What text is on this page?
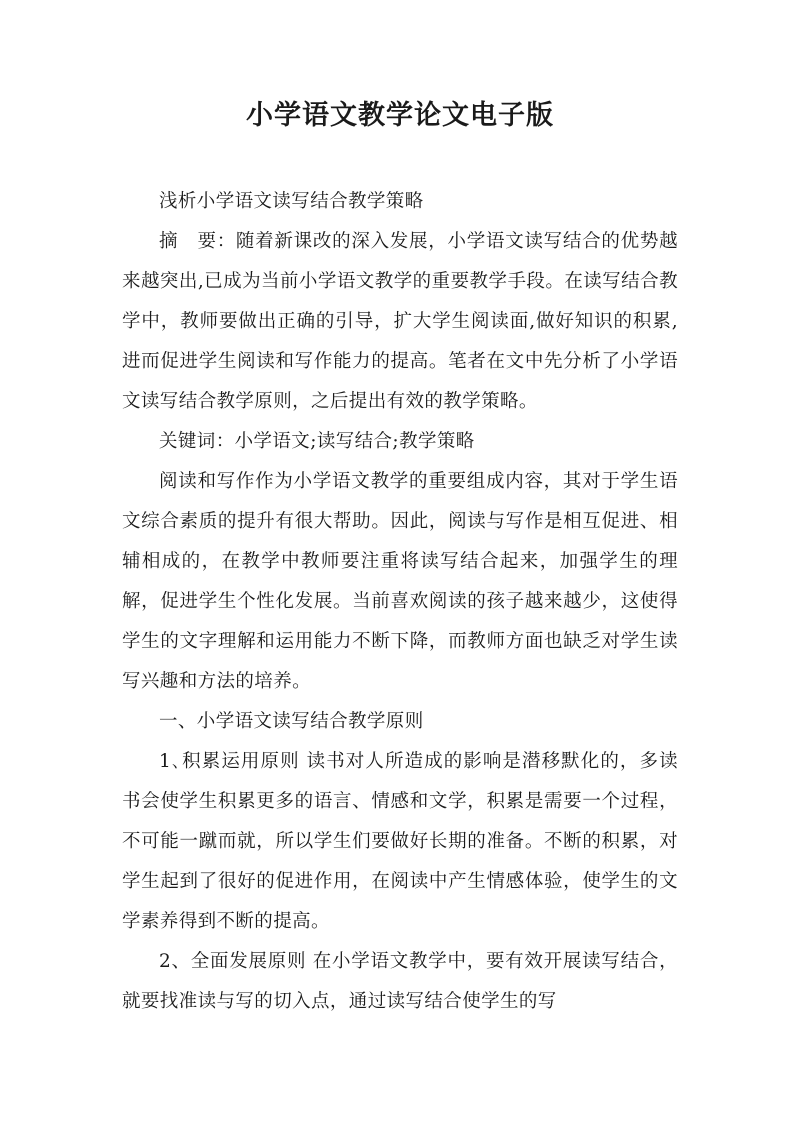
小学语文教学论文电子版

浅析小学语文读写结合教学策略

摘　要：随着新课改的深入发展，小学语文读写结合的优势越来越突出,已成为当前小学语文教学的重要教学手段。在读写结合教学中，教师要做出正确的引导，扩大学生阅读面,做好知识的积累,进而促进学生阅读和写作能力的提高。笔者在文中先分析了小学语文读写结合教学原则，之后提出有效的教学策略。

关键词：小学语文;读写结合;教学策略

阅读和写作作为小学语文教学的重要组成内容，其对于学生语文综合素质的提升有很大帮助。因此，阅读与写作是相互促进、相辅相成的，在教学中教师要注重将读写结合起来，加强学生的理解，促进学生个性化发展。当前喜欢阅读的孩子越来越少，这使得学生的文字理解和运用能力不断下降，而教师方面也缺乏对学生读写兴趣和方法的培养。

一、小学语文读写结合教学原则

1､积累运用原则 读书对人所造成的影响是潜移默化的，多读书会使学生积累更多的语言、情感和文学，积累是需要一个过程，不可能一蹴而就，所以学生们要做好长期的准备。不断的积累，对学生起到了很好的促进作用，在阅读中产生情感体验，使学生的文学素养得到不断的提高。

2、全面发展原则 在小学语文教学中，要有效开展读写结合，就要找准读与写的切入点，通过读写结合使学生的写
